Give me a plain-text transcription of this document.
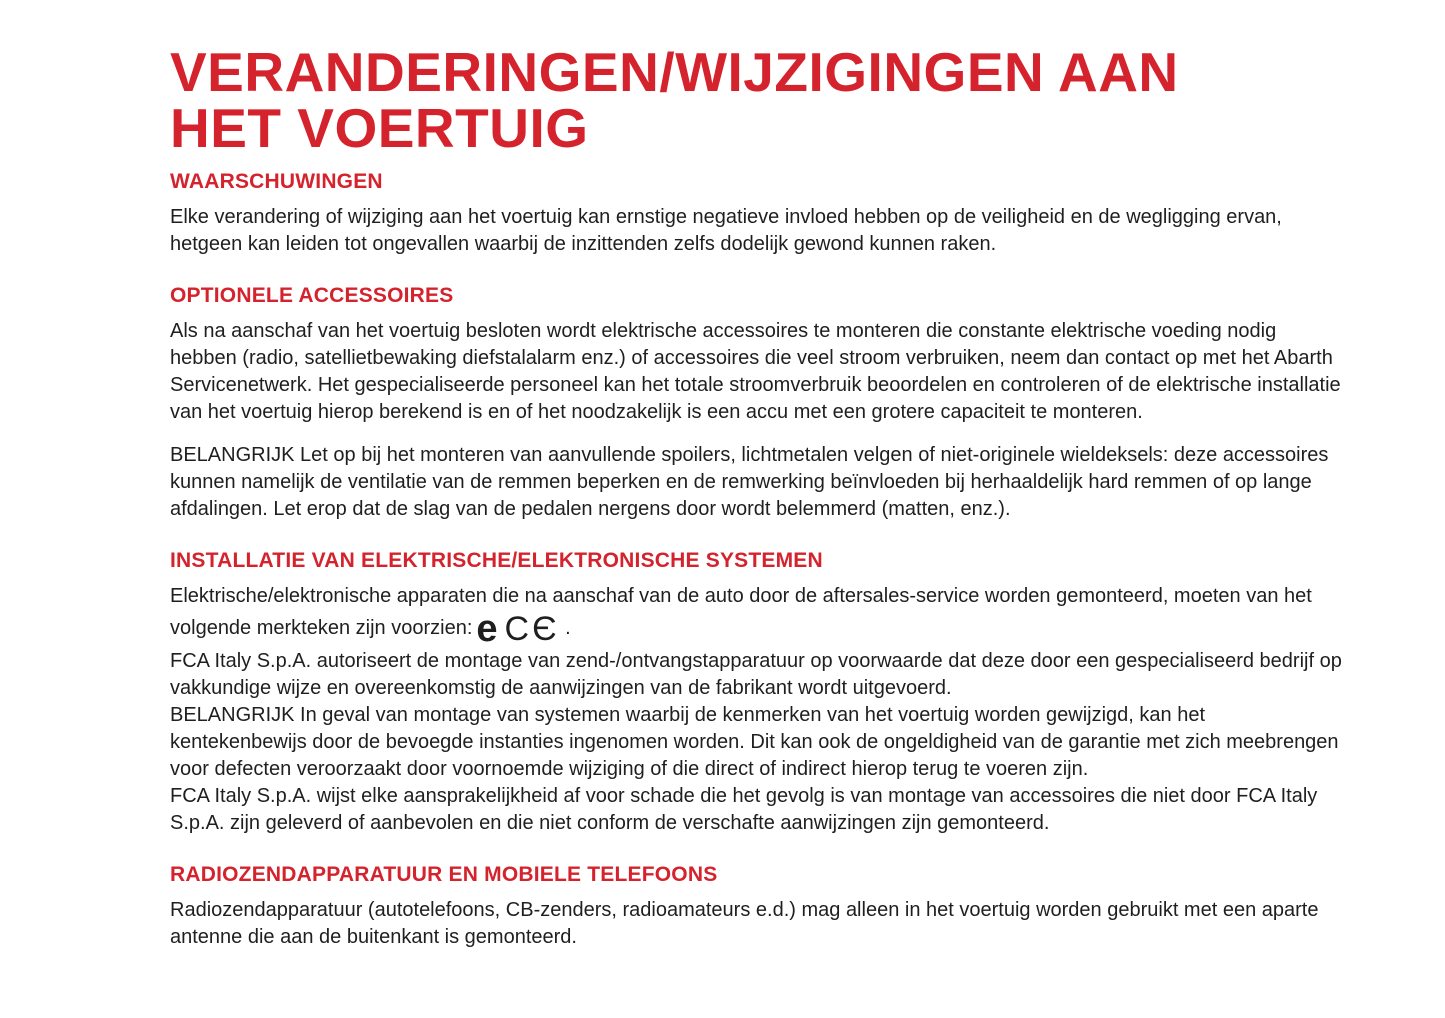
VERANDERINGEN/WIJZIGINGEN AAN
HET VOERTUIG
WAARSCHUWINGEN

Elke verandering of wijziging aan het voertuig kan ernstige negatieve invloed hebben op de veiligheid en de wegligging ervan, hetgeen kan leiden tot ongevallen waarbij de inzittenden zelfs dodelijk gewond kunnen raken.

OPTIONELE ACCESSOIRES

Als na aanschaf van het voertuig besloten wordt elektrische accessoires te monteren die constante elektrische voeding nodig hebben (radio, satellietbewaking diefstalalarm enz.) of accessoires die veel stroom verbruiken, neem dan contact op met het Abarth Servicenetwerk. Het gespecialiseerde personeel kan het totale stroomverbruik beoordelen en controleren of de elektrische installatie van het voertuig hierop berekend is en of het noodzakelijk is een accu met een grotere capaciteit te monteren.

BELANGRIJK Let op bij het monteren van aanvullende spoilers, lichtmetalen velgen of niet-originele wieldeksels: deze accessoires kunnen namelijk de ventilatie van de remmen beperken en de remwerking beïnvloeden bij herhaaldelijk hard remmen of op lange afdalingen. Let erop dat de slag van de pedalen nergens door wordt belemmerd (matten, enz.).

INSTALLATIE VAN ELEKTRISCHE/ELEKTRONISCHE SYSTEMEN

Elektrische/elektronische apparaten die na aanschaf van de auto door de aftersales-service worden gemonteerd, moeten van het volgende merkteken zijn voorzien: e CЄ .

FCA Italy S.p.A. autoriseert de montage van zend-/ontvangstapparatuur op voorwaarde dat deze door een gespecialiseerd bedrijf op vakkundige wijze en overeenkomstig de aanwijzingen van de fabrikant wordt uitgevoerd.

BELANGRIJK In geval van montage van systemen waarbij de kenmerken van het voertuig worden gewijzigd, kan het kentekenbewijs door de bevoegde instanties ingenomen worden. Dit kan ook de ongeldigheid van de garantie met zich meebrengen voor defecten veroorzaakt door voornoemde wijziging of die direct of indirect hierop terug te voeren zijn.

FCA Italy S.p.A. wijst elke aansprakelijkheid af voor schade die het gevolg is van montage van accessoires die niet door FCA Italy S.p.A. zijn geleverd of aanbevolen en die niet conform de verschafte aanwijzingen zijn gemonteerd.

RADIOZENDAPPARATUUR EN MOBIELE TELEFOONS

Radiozendapparatuur (autotelefoons, CB-zenders, radioamateurs e.d.) mag alleen in het voertuig worden gebruikt met een aparte antenne die aan de buitenkant is gemonteerd.
